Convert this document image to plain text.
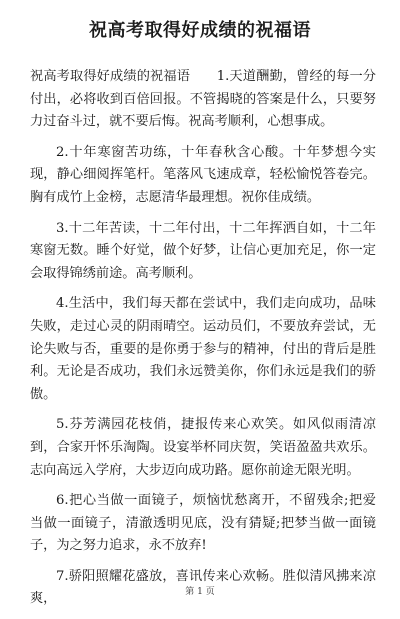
祝高考取得好成绩的祝福语

祝高考取得好成绩的祝福语　　1.天道酬勤，曾经的每一分付出，必将收到百倍回报。不管揭晓的答案是什么，只要努力过奋斗过，就不要后悔。祝高考顺利，心想事成。

2.十年寒窗苦功练，十年春秋含心酸。十年梦想今实现，静心细阅挥笔杆。笔落风飞速成章，轻松愉悦答卷完。胸有成竹上金榜，志愿清华最理想。祝你佳成绩。

3.十二年苦读，十二年付出，十二年挥洒自如，十二年寒窗无数。睡个好觉，做个好梦，让信心更加充足，你一定会取得锦绣前途。高考顺利。

4.生活中，我们每天都在尝试中，我们走向成功，品味失败，走过心灵的阴雨晴空。运动员们，不要放弃尝试，无论失败与否，重要的是你勇于参与的精神，付出的背后是胜利。无论是否成功，我们永远赞美你，你们永远是我们的骄傲。

5.芬芳满园花枝俏，捷报传来心欢笑。如风似雨清凉到，合家开怀乐淘陶。设宴举杯同庆贺，笑语盈盈共欢乐。志向高远入学府，大步迈向成功路。愿你前途无限光明。

6.把心当做一面镜子，烦恼忧愁离开，不留残余;把爱当做一面镜子，清澈透明见底，没有猜疑;把梦当做一面镜子，为之努力追求，永不放弃!

7.骄阳照耀花盛放，喜讯传来心欢畅。胜似清风拂来凉爽，	第 1 页
